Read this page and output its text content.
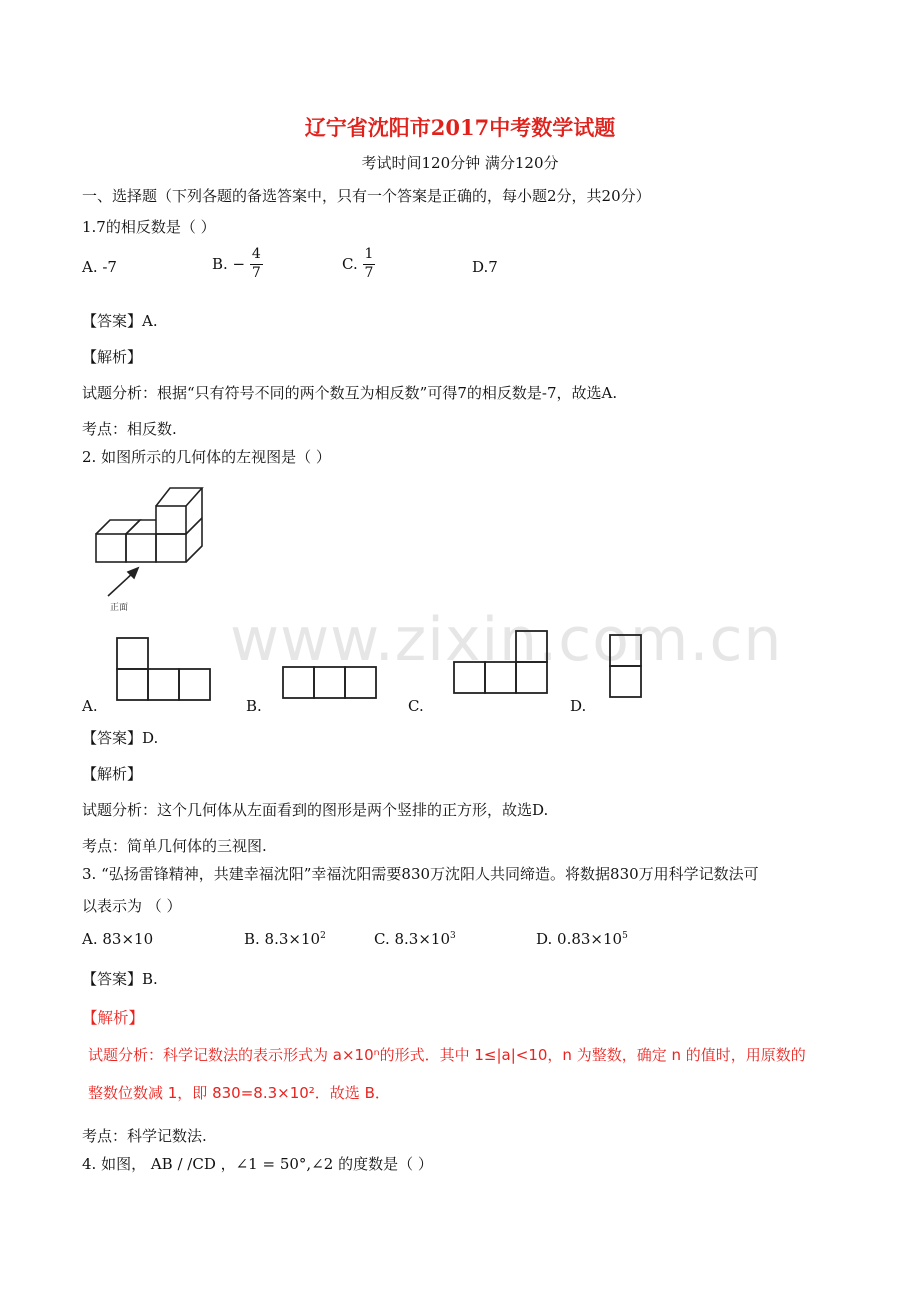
辽宁省沈阳市2017中考数学试题
考试时间120分钟 满分120分
一、选择题（下列各题的备选答案中，只有一个答案是正确的，每小题2分，共20分）
1.7的相反数是（ ）
A. -7	B. − $\frac{4}{7}$	C. $\frac{1}{7}$	D.7
【答案】A.
【解析】
试题分析：根据“只有符号不同的两个数互为相反数”可得7的相反数是-7，故选A.
考点：相反数.
2. 如图所示的几何体的左视图是（ ）
正面 www.zixin.com.cn
A.	B.	C.	D.
【答案】D.
【解析】
试题分析：这个几何体从左面看到的图形是两个竖排的正方形，故选D.
考点：简单几何体的三视图.
3. “弘扬雷锋精神，共建幸福沈阳”幸福沈阳需要830万沈阳人共同缔造。将数据830万用科学记数法可
以表示为 （ ）
A. 83×10	B. $8.3\times 10^2$	C. $8.3\times 10^3$	D. $0.83\times 10^5$
【答案】B.
【解析】
试题分析：科学记数法的表示形式为 a×10ⁿ的形式．其中 1≤|a|<10，n 为整数，确定 n 的值时，用原数的
整数位数减 1，即 830=8.3×10²．故选 B．
考点：科学记数法.
4. 如图， AB / /CD ，∠1 = 50°,∠2 的度数是（ ）
